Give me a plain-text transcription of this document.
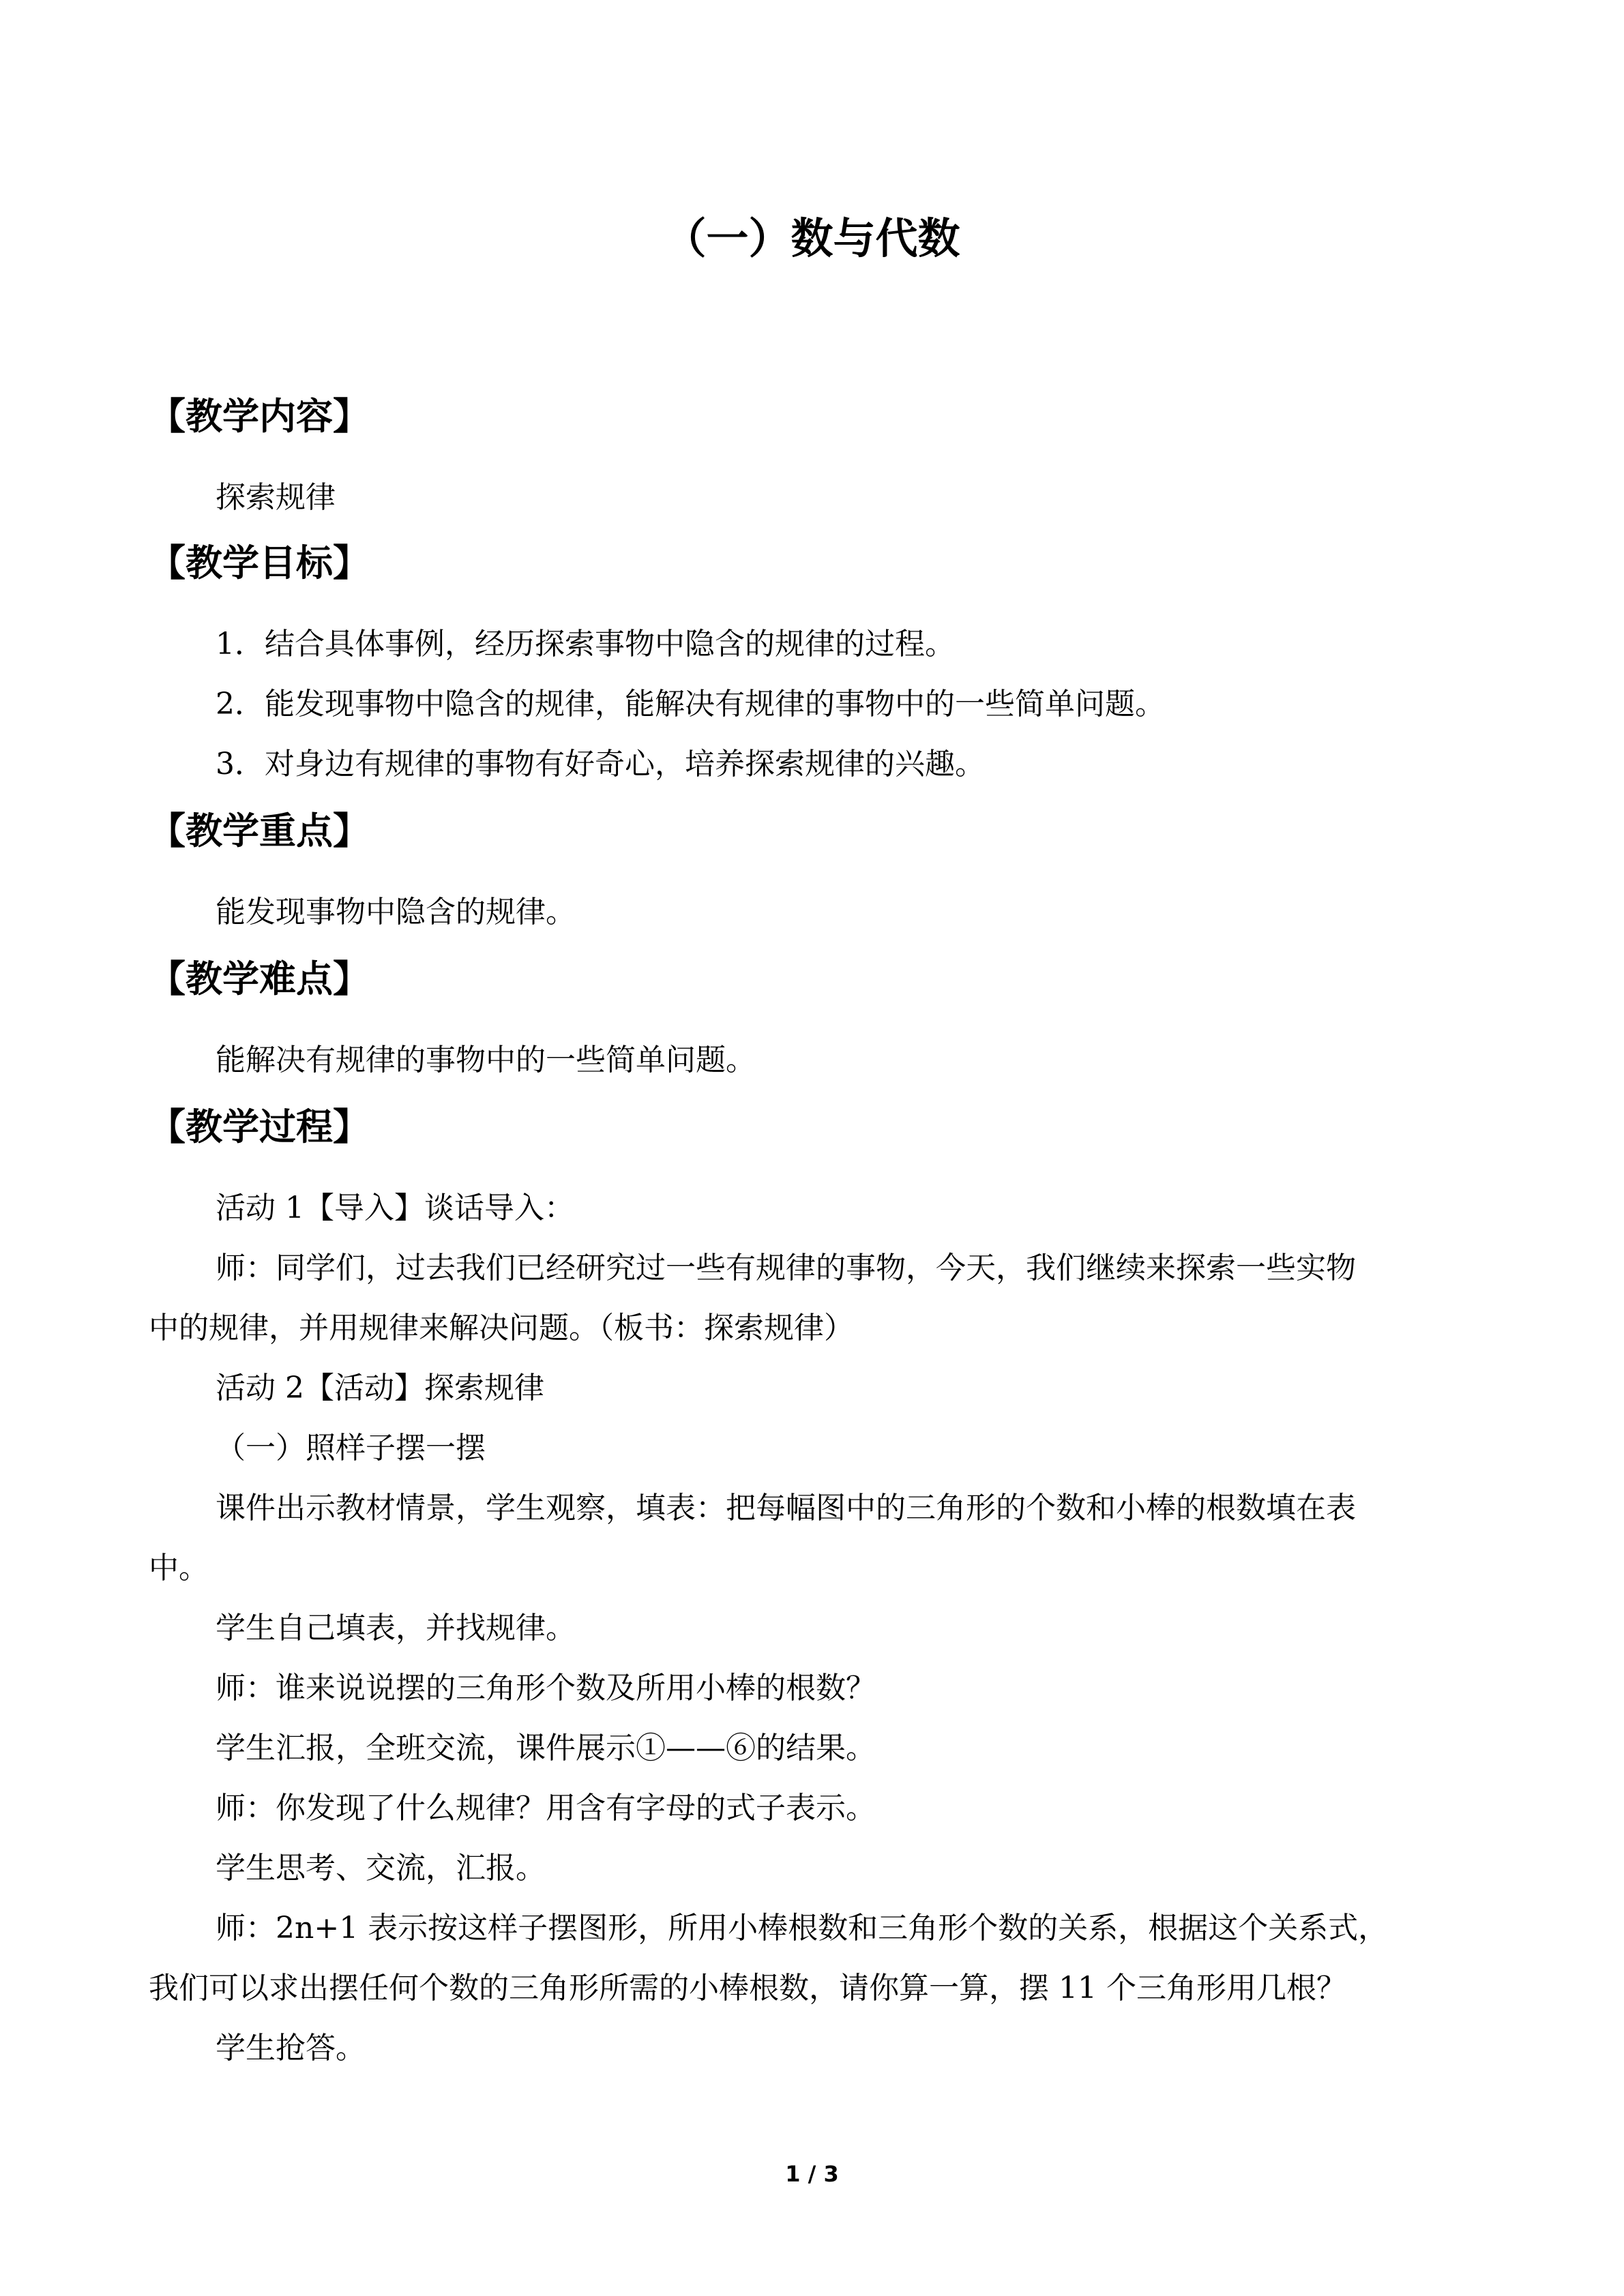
（一）数与代数
【教学内容】
探索规律
【教学目标】
1．结合具体事例，经历探索事物中隐含的规律的过程。
2．能发现事物中隐含的规律，能解决有规律的事物中的一些简单问题。
3．对身边有规律的事物有好奇心，培养探索规律的兴趣。
【教学重点】
能发现事物中隐含的规律。
【教学难点】
能解决有规律的事物中的一些简单问题。
【教学过程】
活动 1【导入】谈话导入：
师：同学们，过去我们已经研究过一些有规律的事物，今天，我们继续来探索一些实物
中的规律，并用规律来解决问题。（板书：探索规律）
活动 2【活动】探索规律
（一）照样子摆一摆
课件出示教材情景，学生观察，填表：把每幅图中的三角形的个数和小棒的根数填在表
中。
学生自己填表，并找规律。
师：谁来说说摆的三角形个数及所用小棒的根数？
学生汇报，全班交流，课件展示①——⑥的结果。
师：你发现了什么规律？用含有字母的式子表示。
学生思考、交流，汇报。
师：2n+1 表示按这样子摆图形，所用小棒根数和三角形个数的关系，根据这个关系式，
我们可以求出摆任何个数的三角形所需的小棒根数，请你算一算，摆 11 个三角形用几根？
学生抢答。
1 / 3
